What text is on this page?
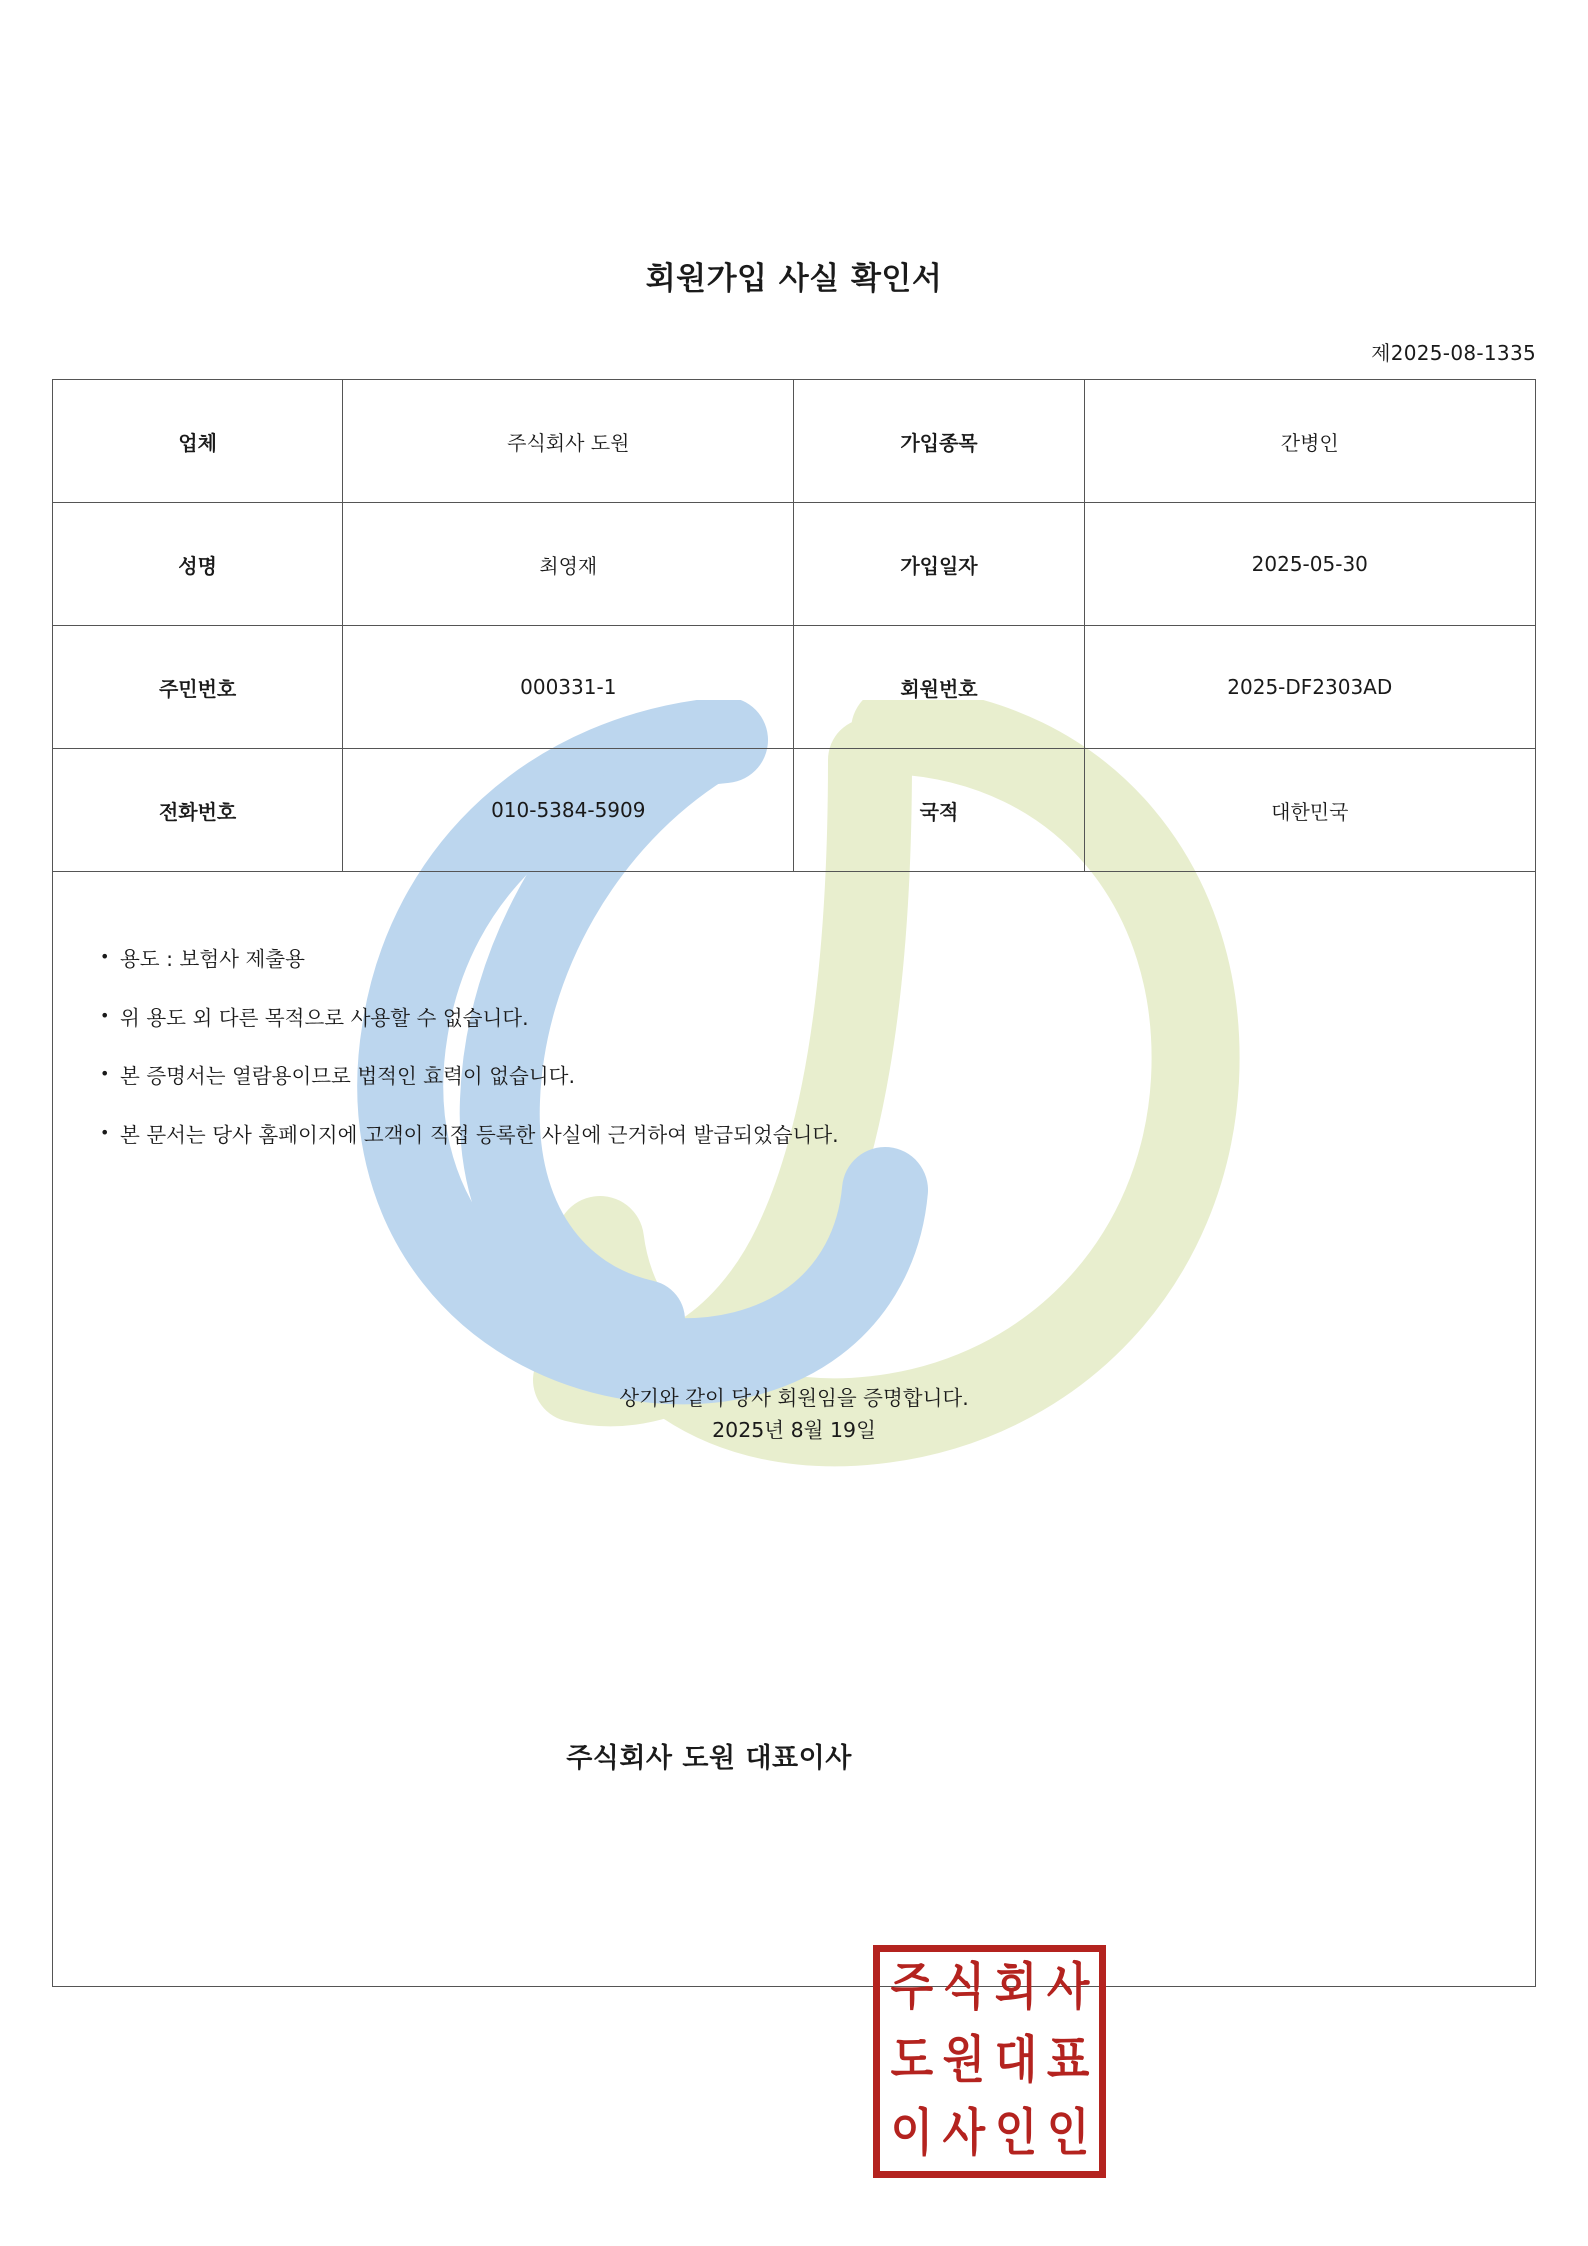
회원가입 사실 확인서
제2025-08-1335
업체	주식회사 도원	가입종목	간병인
성명	최영재	가입일자	2025-05-30
주민번호	000331-1	회원번호	2025-DF2303AD
전화번호	010-5384-5909	국적	대한민국
• 용도 : 보험사 제출용
• 위 용도 외 다른 목적으로 사용할 수 없습니다.
• 본 증명서는 열람용이므로 법적인 효력이 없습니다.
• 본 문서는 당사 홈페이지에 고객이 직접 등록한 사실에 근거하여 발급되었습니다.
상기와 같이 당사 회원임을 증명합니다.
2025년 8월 19일
주식회사 도원 대표이사
주 식 회 사
도 원 대 표
이 사 인 인
